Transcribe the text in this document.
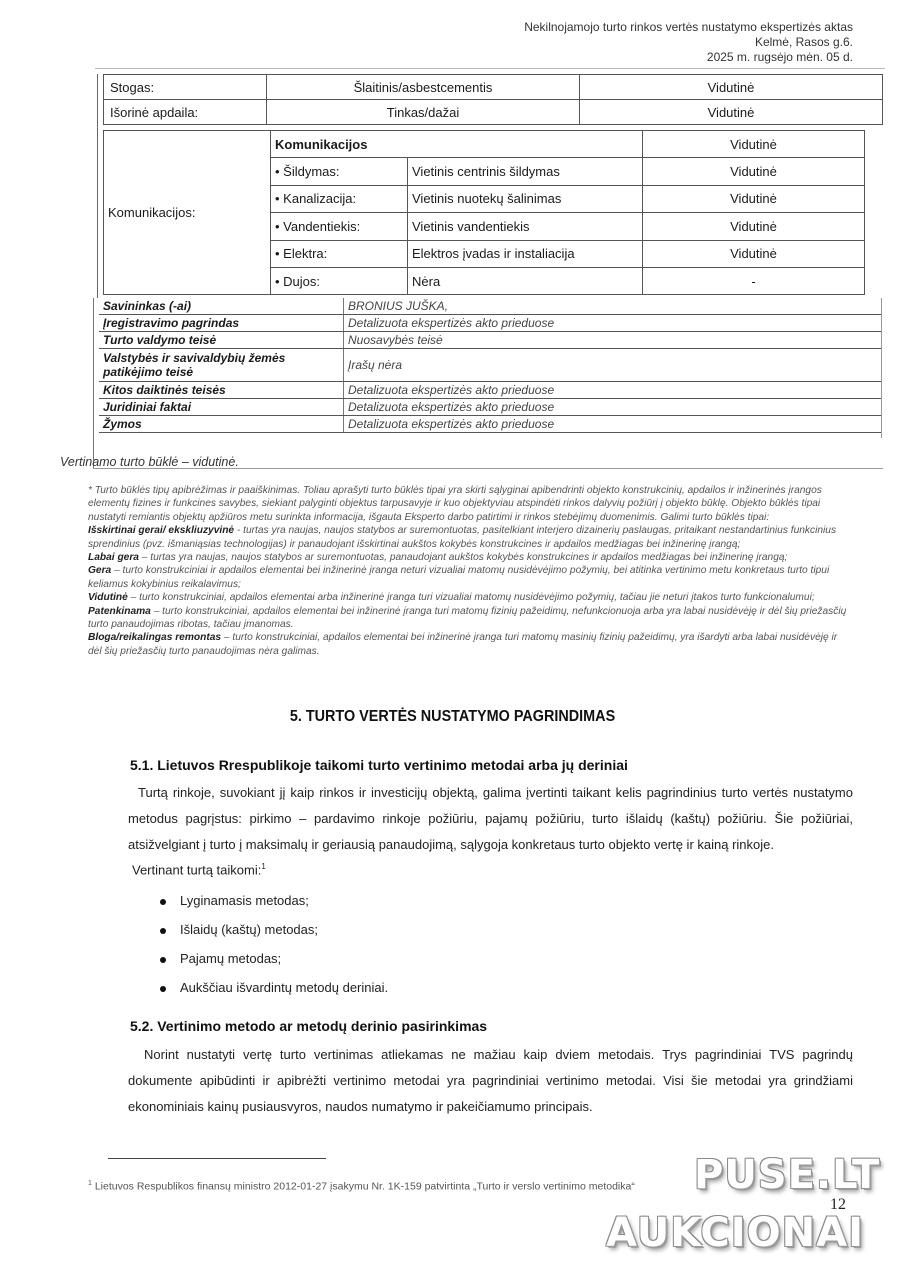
Nekilnojamojo turto rinkos vertės nustatymo ekspertizės aktas
Kelmė, Rasos g.6.
2025 m. rugsėjo mėn. 05 d.
Stogas:	Šlaitinis/asbestcementis	Vidutinė
Išorinė apdaila:	Tinkas/dažai	Vidutinė
Komunikacijos:	Komunikacijos		Vidutinė
	• Šildymas:	Vietinis centrinis šildymas	Vidutinė
	• Kanalizacija:	Vietinis nuotekų šalinimas	Vidutinė
	• Vandentiekis:	Vietinis vandentiekis	Vidutinė
	• Elektra:	Elektros įvadas ir instaliacija	Vidutinė
	• Dujos:	Nėra	-
Savininkas (-ai)	BRONIUS JUŠKA,
Įregistravimo pagrindas	Detalizuota ekspertizės akto prieduose
Turto valdymo teisė	Nuosavybės teisė
Valstybės ir savivaldybių žemės patikėjimo teisė	Įrašų nėra
Kitos daiktinės teisės	Detalizuota ekspertizės akto prieduose
Juridiniai faktai	Detalizuota ekspertizės akto prieduose
Žymos	Detalizuota ekspertizės akto prieduose
Vertinamo turto būklė – vidutinė.
* Turto būklės tipų apibrėžimas ir paaiškinimas. Toliau aprašyti turto būklės tipai yra skirti sąlyginai apibendrinti objekto konstrukcinių, apdailos ir inžinerinės įrangos elementų fizines ir funkcines savybes, siekiant palyginti objektus tarpusavyje ir kuo objektyviau atspindėti rinkos dalyvių požiūrį į objekto būklę. Objekto būklės tipai nustatyti remiantis objektų apžiūros metu surinkta informacija, išgauta Eksperto darbo patirtimi ir rinkos stebėjimų duomenimis. Galimi turto būklės tipai:
Išskirtinai gerai/ ekskliuzyvinė - turtas yra naujas, naujos statybos ar suremontuotas, pasitelkiant interjero dizainerių paslaugas, pritaikant nestandartinius funkcinius sprendinius (pvz. išmaniąsias technologijas) ir panaudojant išskirtinai aukštos kokybės konstrukcines ir apdailos medžiagas bei inžinerinę įrangą;
Labai gera – turtas yra naujas, naujos statybos ar suremontuotas, panaudojant aukštos kokybės konstrukcines ir apdailos medžiagas bei inžinerinę įrangą;
Gera – turto konstrukciniai ir apdailos elementai bei inžinerinė įranga neturi vizualiai matomų nusidėvėjimo požymių, bei atitinka vertinimo metu konkretaus turto tipui keliamus kokybinius reikalavimus;
Vidutinė – turto konstrukciniai, apdailos elementai arba inžinerinė įranga turi vizualiai matomų nusidėvėjimo požymių, tačiau jie neturi įtakos turto funkcionalumui;
Patenkinama – turto konstrukciniai, apdailos elementai bei inžinerinė įranga turi matomų fizinių pažeidimų, nefunkcionuoja arba yra labai nusidėvėję ir dėl šių priežasčių turto panaudojimas ribotas, tačiau įmanomas.
Bloga/reikalingas remontas – turto konstrukciniai, apdailos elementai bei inžinerinė įranga turi matomų masinių fizinių pažeidimų, yra išardyti arba labai nusidėvėję ir dėl šių priežasčių turto panaudojimas nėra galimas.
5. TURTO VERTĖS NUSTATYMO PAGRINDIMAS
5.1. Lietuvos Rrespublikoje taikomi turto vertinimo metodai arba jų deriniai
Turtą rinkoje, suvokiant jį kaip rinkos ir investicijų objektą, galima įvertinti taikant kelis pagrindinius turto vertės nustatymo metodus pagrįstus: pirkimo – pardavimo rinkoje požiūriu, pajamų požiūriu, turto išlaidų (kaštų) požiūriu. Šie požiūriai, atsižvelgiant į turto į maksimalų ir geriausią panaudojimą, sąlygoja konkretaus turto objekto vertę ir kainą rinkoje.
Vertinant turtą taikomi:$^1$
Lyginamasis metodas;
Išlaidų (kaštų) metodas;
Pajamų metodas;
Aukščiau išvardintų metodų deriniai.
5.2. Vertinimo metodo ar metodų derinio pasirinkimas
Norint nustatyti vertę turto vertinimas atliekamas ne mažiau kaip dviem metodais. Trys pagrindiniai TVS pagrindų dokumente apibūdinti ir apibrėžti vertinimo metodai yra pagrindiniai vertinimo metodai. Visi šie metodai yra grindžiami ekonominiais kainų pusiausvyros, naudos numatymo ir pakeičiamumo principais.
$^1$ Lietuvos Respublikos finansų ministro 2012-01-27 įsakymu Nr. 1K-159 patvirtinta „Turto ir verslo vertinimo metodika“
12
PUSE.LT
AUKCIONAI
